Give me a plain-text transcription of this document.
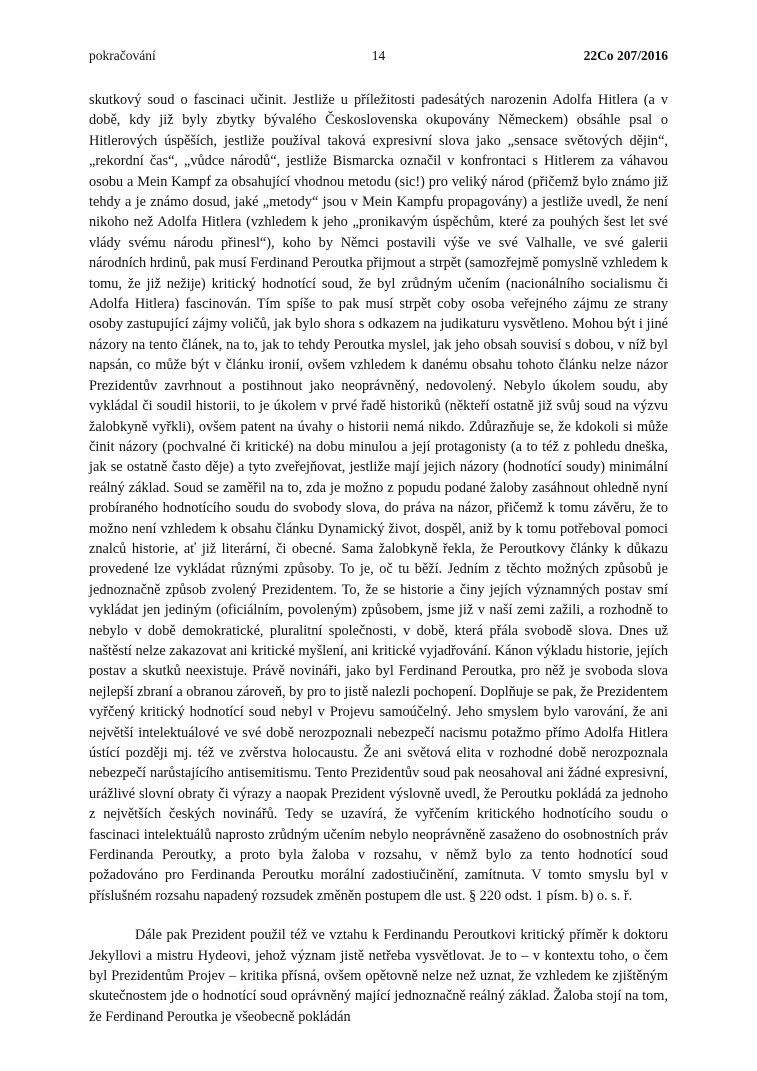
pokračování	14	22Co 207/2016

skutkový soud o fascinaci učinit. Jestliže u příležitosti padesátých narozenin Adolfa Hitlera (a v době, kdy již byly zbytky bývalého Československa okupovány Německem) obsáhle psal o Hitlerových úspěších, jestliže používal taková expresivní slova jako „sensace světových dějin“, „rekordní čas“, „vůdce národů“, jestliže Bismarcka označil v konfrontaci s Hitlerem za váhavou osobu a Mein Kampf za obsahující vhodnou metodu (sic!) pro veliký národ (přičemž bylo známo již tehdy a je známo dosud, jaké „metody“ jsou v Mein Kampfu propagovány) a jestliže uvedl, že není nikoho než Adolfa Hitlera (vzhledem k jeho „pronikavým úspěchům, které za pouhých šest let své vlády svému národu přinesl“), koho by Němci postavili výše ve své Valhalle, ve své galerii národních hrdinů, pak musí Ferdinand Peroutka přijmout a strpět (samozřejmě pomyslně vzhledem k tomu, že již nežije) kritický hodnotící soud, že byl zrůdným učením (nacionálního socialismu či Adolfa Hitlera) fascinován. Tím spíše to pak musí strpět coby osoba veřejného zájmu ze strany osoby zastupující zájmy voličů, jak bylo shora s odkazem na judikaturu vysvětleno. Mohou být i jiné názory na tento článek, na to, jak to tehdy Peroutka myslel, jak jeho obsah souvisí s dobou, v níž byl napsán, co může být v článku ironií, ovšem vzhledem k danému obsahu tohoto článku nelze názor Prezidentův zavrhnout a postihnout jako neoprávněný, nedovolený. Nebylo úkolem soudu, aby vykládal či soudil historii, to je úkolem v prvé řadě historiků (někteří ostatně již svůj soud na výzvu žalobkyně vyřkli), ovšem patent na úvahy o historii nemá nikdo. Zdůrazňuje se, že kdokoli si může činit názory (pochvalné či kritické) na dobu minulou a její protagonisty (a to též z pohledu dneška, jak se ostatně často děje) a tyto zveřejňovat, jestliže mají jejich názory (hodnotící soudy) minimální reálný základ. Soud se zaměřil na to, zda je možno z popudu podané žaloby zasáhnout ohledně nyní probíraného hodnotícího soudu do svobody slova, do práva na názor, přičemž k tomu závěru, že to možno není vzhledem k obsahu článku Dynamický život, dospěl, aniž by k tomu potřeboval pomoci znalců historie, ať již literární, či obecné. Sama žalobkyně řekla, že Peroutkovy články k důkazu provedené lze vykládat různými způsoby. To je, oč tu běží. Jedním z těchto možných způsobů je jednoznačně způsob zvolený Prezidentem. To, že se historie a činy jejích významných postav smí vykládat jen jediným (oficiálním, povoleným) způsobem, jsme již v naší zemi zažili, a rozhodně to nebylo v době demokratické, pluralitní společnosti, v době, která přála svobodě slova. Dnes už naštěstí nelze zakazovat ani kritické myšlení, ani kritické vyjadřování. Kánon výkladu historie, jejích postav a skutků neexistuje. Právě novináři, jako byl Ferdinand Peroutka, pro něž je svoboda slova nejlepší zbraní a obranou zároveň, by pro to jistě nalezli pochopení. Doplňuje se pak, že Prezidentem vyřčený kritický hodnotící soud nebyl v Projevu samoúčelný. Jeho smyslem bylo varování, že ani největší intelektuálové ve své době nerozpoznali nebezpečí nacismu potažmo přímo Adolfa Hitlera ústící později mj. též ve zvěrstva holocaustu. Že ani světová elita v rozhodné době nerozpoznala nebezpečí narůstajícího antisemitismu. Tento Prezidentův soud pak neosahoval ani žádné expresivní, urážlivé slovní obraty či výrazy a naopak Prezident výslovně uvedl, že Peroutku pokládá za jednoho z největších českých novinářů. Tedy se uzavírá, že vyřčením kritického hodnotícího soudu o fascinaci intelektuálů naprosto zrůdným učením nebylo neoprávněně zasaženo do osobnostních práv Ferdinanda Peroutky, a proto byla žaloba v rozsahu, v němž bylo za tento hodnotící soud požadováno pro Ferdinanda Peroutku morální zadostiučinění, zamítnuta. V tomto smyslu byl v příslušném rozsahu napadený rozsudek změněn postupem dle ust. § 220 odst. 1 písm. b) o. s. ř.

Dále pak Prezident použil též ve vztahu k Ferdinandu Peroutkovi kritický příměr k doktoru Jekyllovi a mistru Hydeovi, jehož význam jistě netřeba vysvětlovat. Je to – v kontextu toho, o čem byl Prezidentům Projev – kritika přísná, ovšem opětovně nelze než uznat, že vzhledem ke zjištěným skutečnostem jde o hodnotící soud oprávněný mající jednoznačně reálný základ. Žaloba stojí na tom, že Ferdinand Peroutka je všeobecně pokládán
